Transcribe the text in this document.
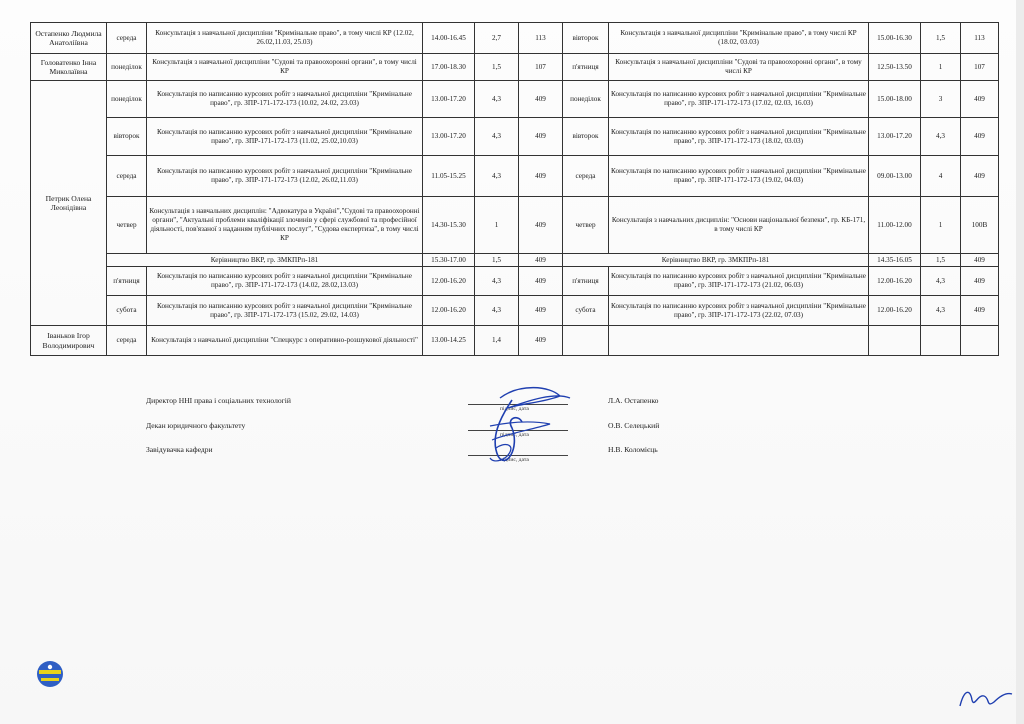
Остапенко Людмила Анатоліївна	середа	Консультація з навчальної дисципліни "Кримінальне право", в тому числі КР (12.02, 26.02,11.03, 25.03)	14.00-16.45	2,7	113	вівторок	Консультація з навчальної дисципліни "Кримінальне право", в тому числі КР (18.02, 03.03)	15.00-16.30	1,5	113
Головатенко Інна Миколаївна	понеділок	Консультація з навчальної дисципліни "Судові та правоохоронні органи", в тому числі КР	17.00-18.30	1,5	107	п'ятниця	Консультація з навчальної дисципліни "Судові та правоохоронні органи", в тому числі КР	12.50-13.50	1	107
Петрик Олена Леонідівна	понеділок	Консультація по написанню курсових робіт з навчальної дисципліни "Кримінальне право", гр. ЗПР-171-172-173 (10.02, 24.02, 23.03)	13.00-17.20	4,3	409	понеділок	Консультація по написанню курсових робіт з навчальної дисципліни "Кримінальне право", гр. ЗПР-171-172-173 (17.02, 02.03, 16.03)	15.00-18.00	3	409
	вівторок	Консультація по написанню курсових робіт з навчальної дисципліни "Кримінальне право", гр. ЗПР-171-172-173 (11.02, 25.02,10.03)	13.00-17.20	4,3	409	вівторок	Консультація по написанню курсових робіт з навчальної дисципліни "Кримінальне право", гр. ЗПР-171-172-173 (18.02, 03.03)	13.00-17.20	4,3	409
	середа	Консультація по написанню курсових робіт з навчальної дисципліни "Кримінальне право", гр. ЗПР-171-172-173 (12.02, 26.02,11.03)	11.05-15.25	4,3	409	середа	Консультація по написанню курсових робіт з навчальної дисципліни "Кримінальне право", гр. ЗПР-171-172-173 (19.02, 04.03)	09.00-13.00	4	409
	четвер	Консультація з навчальних дисциплін: "Адвокатура в Україні","Судові та правоохоронні органи", "Актуальні проблеми кваліфікації злочинів у сфері службової та професійної діяльності, пов'язаної з наданням публічних послуг", "Судова експертиза", в тому числі КР	14.30-15.30	1	409	четвер	Консультація з навчальних дисциплін: "Основи національної безпеки", гр. КБ-171, в тому числі КР	11.00-12.00	1	100В
	Керівництво ВКР, гр. ЗМКПРп-181		15.30-17.00	1,5	409	Керівництво ВКР, гр. ЗМКПРп-181		14.35-16.05	1,5	409
	п'ятниця	Консультація по написанню курсових робіт з навчальної дисципліни "Кримінальне право", гр. ЗПР-171-172-173 (14.02, 28.02,13.03)	12.00-16.20	4,3	409	п'ятниця	Консультація по написанню курсових робіт з навчальної дисципліни "Кримінальне право", гр. ЗПР-171-172-173 (21.02, 06.03)	12.00-16.20	4,3	409
	субота	Консультація по написанню курсових робіт з навчальної дисципліни "Кримінальне право", гр. ЗПР-171-172-173 (15.02, 29.02, 14.03)	12.00-16.20	4,3	409	субота	Консультація по написанню курсових робіт з навчальної дисципліни "Кримінальне право", гр. ЗПР-171-172-173 (22.02, 07.03)	12.00-16.20	4,3	409
Іваньков Ігор Володимирович	середа	Консультація з навчальної дисципліни "Спецкурс з оперативно-розшукової діяльності"	13.00-14.25	1,4	409					
Директор ННІ права і соціальних технологій
підпис, дата
Л.А. Остапенко
Декан юридичного факультету
підпис, дата
О.В. Селецький
Завідувачка кафедри
підпис, дата
Н.В. Коломієць
